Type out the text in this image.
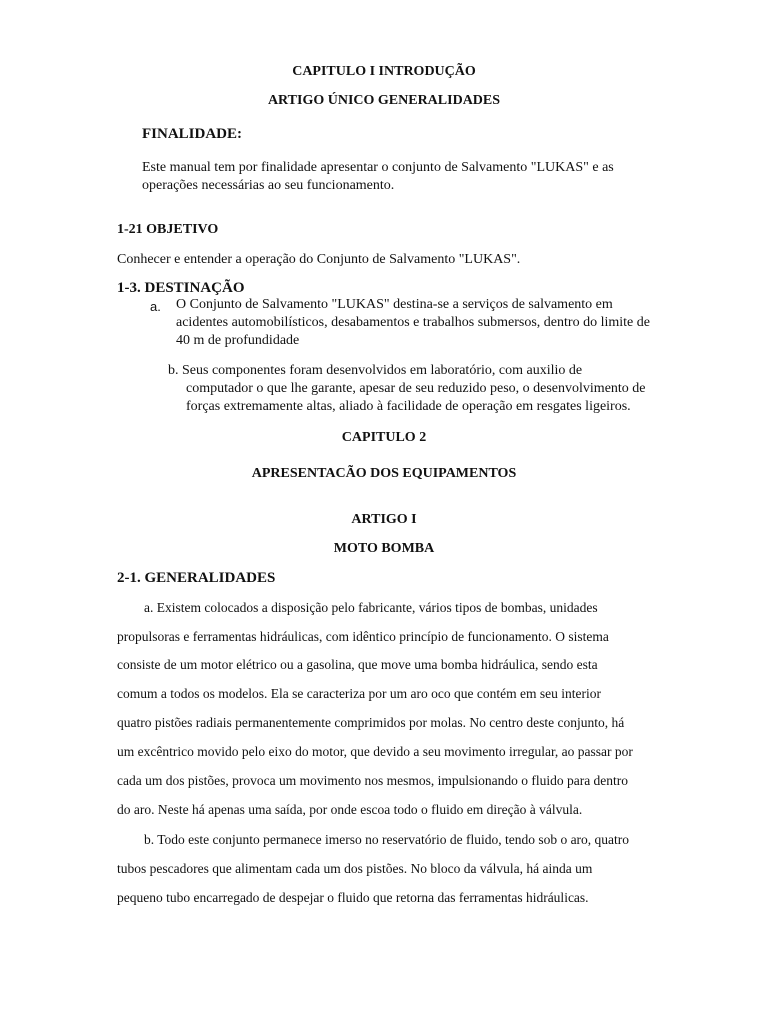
CAPITULO I INTRODUÇÃO
ARTIGO ÚNICO GENERALIDADES
FINALIDADE:
Este manual tem por finalidade apresentar o conjunto de Salvamento "LUKAS" e as
operações necessárias ao seu funcionamento.
1-21 OBJETIVO
Conhecer e entender a operação do Conjunto de Salvamento "LUKAS".
1-3. DESTINAÇÃO
a. O Conjunto de Salvamento "LUKAS" destina-se a serviços de salvamento em
acidentes automobilísticos, desabamentos e trabalhos submersos, dentro do limite de
40 m de profundidade
b. Seus componentes foram desenvolvidos em laboratório, com auxilio de
computador o que lhe garante, apesar de seu reduzido peso, o desenvolvimento de
forças extremamente altas, aliado à facilidade de operação em resgates ligeiros.
CAPITULO 2
APRESENTACÃO DOS EQUIPAMENTOS
ARTIGO I
MOTO BOMBA
2-1. GENERALIDADES
a. Existem colocados a disposição pelo fabricante, vários tipos de bombas, unidades
propulsoras e ferramentas hidráulicas, com idêntico princípio de funcionamento. O sistema
consiste de um motor elétrico ou a gasolina, que move uma bomba hidráulica, sendo esta
comum a todos os modelos. Ela se caracteriza por um aro oco que contém em seu interior
quatro pistões radiais permanentemente comprimidos por molas. No centro deste conjunto, há
um excêntrico movido pelo eixo do motor, que devido a seu movimento irregular, ao passar por
cada um dos pistões, provoca um movimento nos mesmos, impulsionando o fluido para dentro
do aro. Neste há apenas uma saída, por onde escoa todo o fluido em direção à válvula.
b. Todo este conjunto permanece imerso no reservatório de fluido, tendo sob o aro, quatro
tubos pescadores que alimentam cada um dos pistões. No bloco da válvula, há ainda um
pequeno tubo encarregado de despejar o fluido que retorna das ferramentas hidráulicas.
